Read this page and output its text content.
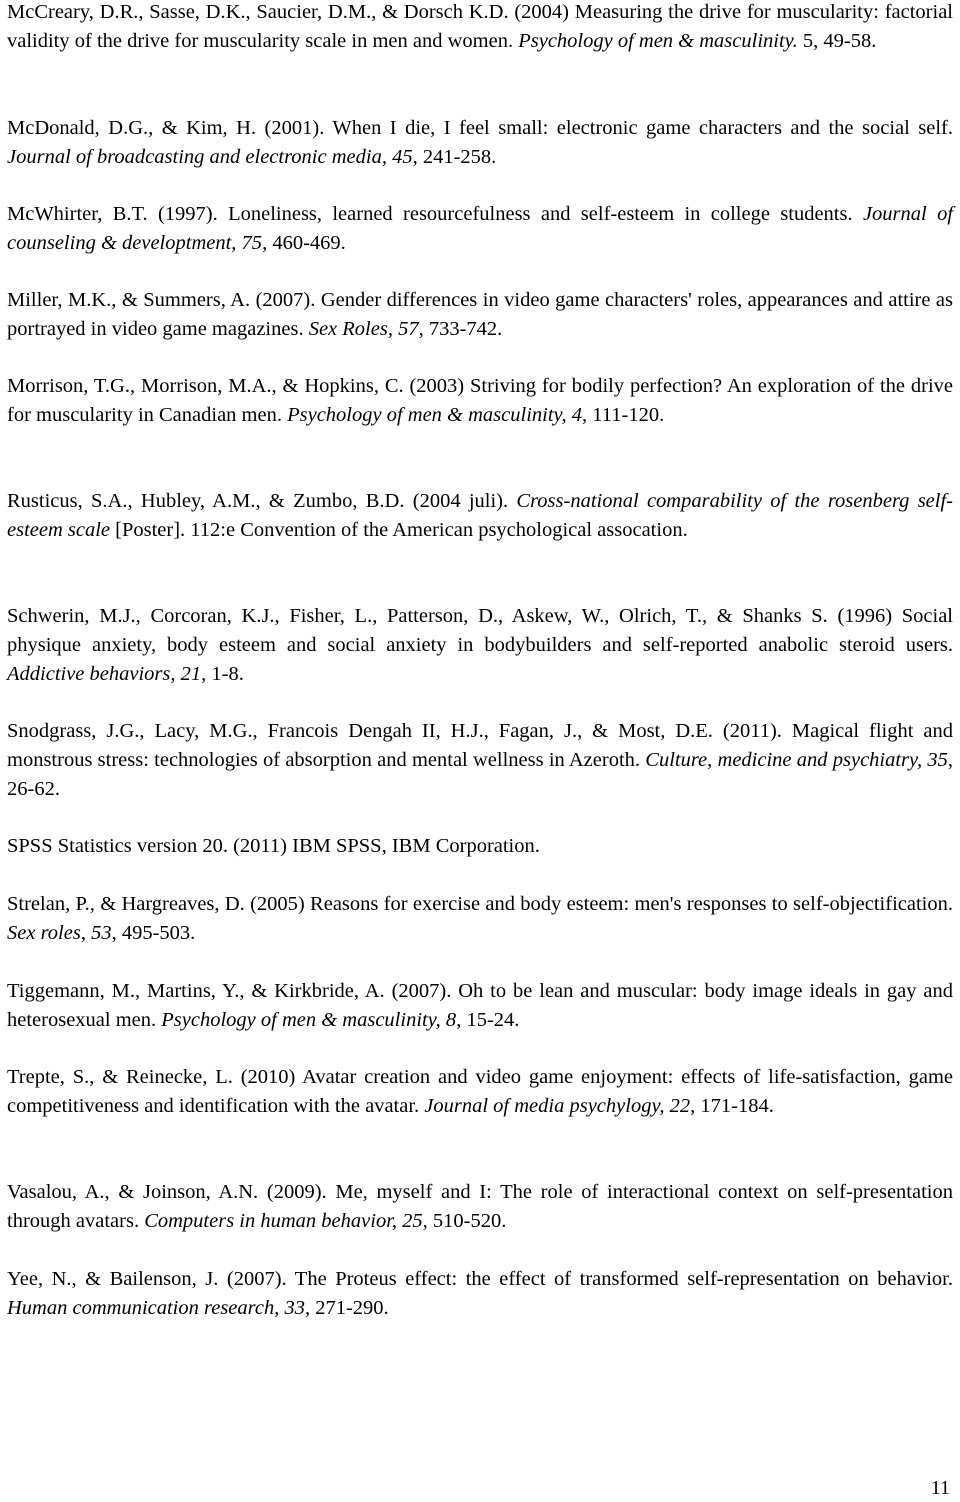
McCreary, D.R., Sasse, D.K., Saucier, D.M., & Dorsch K.D. (2004) Measuring the drive for muscularity: factorial validity of the drive for muscularity scale in men and women. Psychology of men & masculinity. 5, 49-58.

McDonald, D.G., & Kim, H. (2001). When I die, I feel small: electronic game characters and the social self. Journal of broadcasting and electronic media, 45, 241-258.

McWhirter, B.T. (1997). Loneliness, learned resourcefulness and self-esteem in college students. Journal of counseling & developtment, 75, 460-469.

Miller, M.K., & Summers, A. (2007). Gender differences in video game characters' roles, appearances and attire as portrayed in video game magazines. Sex Roles, 57, 733-742.

Morrison, T.G., Morrison, M.A., & Hopkins, C. (2003) Striving for bodily perfection? An exploration of the drive for muscularity in Canadian men. Psychology of men & masculinity, 4, 111-120.

Rusticus, S.A., Hubley, A.M., & Zumbo, B.D. (2004 juli). Cross-national comparability of the rosenberg self-esteem scale [Poster]. 112:e Convention of the American psychological assocation.

Schwerin, M.J., Corcoran, K.J., Fisher, L., Patterson, D., Askew, W., Olrich, T., & Shanks S. (1996) Social physique anxiety, body esteem and social anxiety in bodybuilders and self-reported anabolic steroid users. Addictive behaviors, 21, 1-8.

Snodgrass, J.G., Lacy, M.G., Francois Dengah II, H.J., Fagan, J., & Most, D.E. (2011). Magical flight and monstrous stress: technologies of absorption and mental wellness in Azeroth. Culture, medicine and psychiatry, 35, 26-62.

SPSS Statistics version 20. (2011) IBM SPSS, IBM Corporation.

Strelan, P., & Hargreaves, D. (2005) Reasons for exercise and body esteem: men's responses to self-objectification. Sex roles, 53, 495-503.

Tiggemann, M., Martins, Y., & Kirkbride, A. (2007). Oh to be lean and muscular: body image ideals in gay and heterosexual men. Psychology of men & masculinity, 8, 15-24.

Trepte, S., & Reinecke, L. (2010) Avatar creation and video game enjoyment: effects of life-satisfaction, game competitiveness and identification with the avatar. Journal of media psychylogy, 22, 171-184.

Vasalou, A., & Joinson, A.N. (2009). Me, myself and I: The role of interactional context on self-presentation through avatars. Computers in human behavior, 25, 510-520.

Yee, N., & Bailenson, J. (2007). The Proteus effect: the effect of transformed self-representation on behavior. Human communication research, 33, 271-290.

11
